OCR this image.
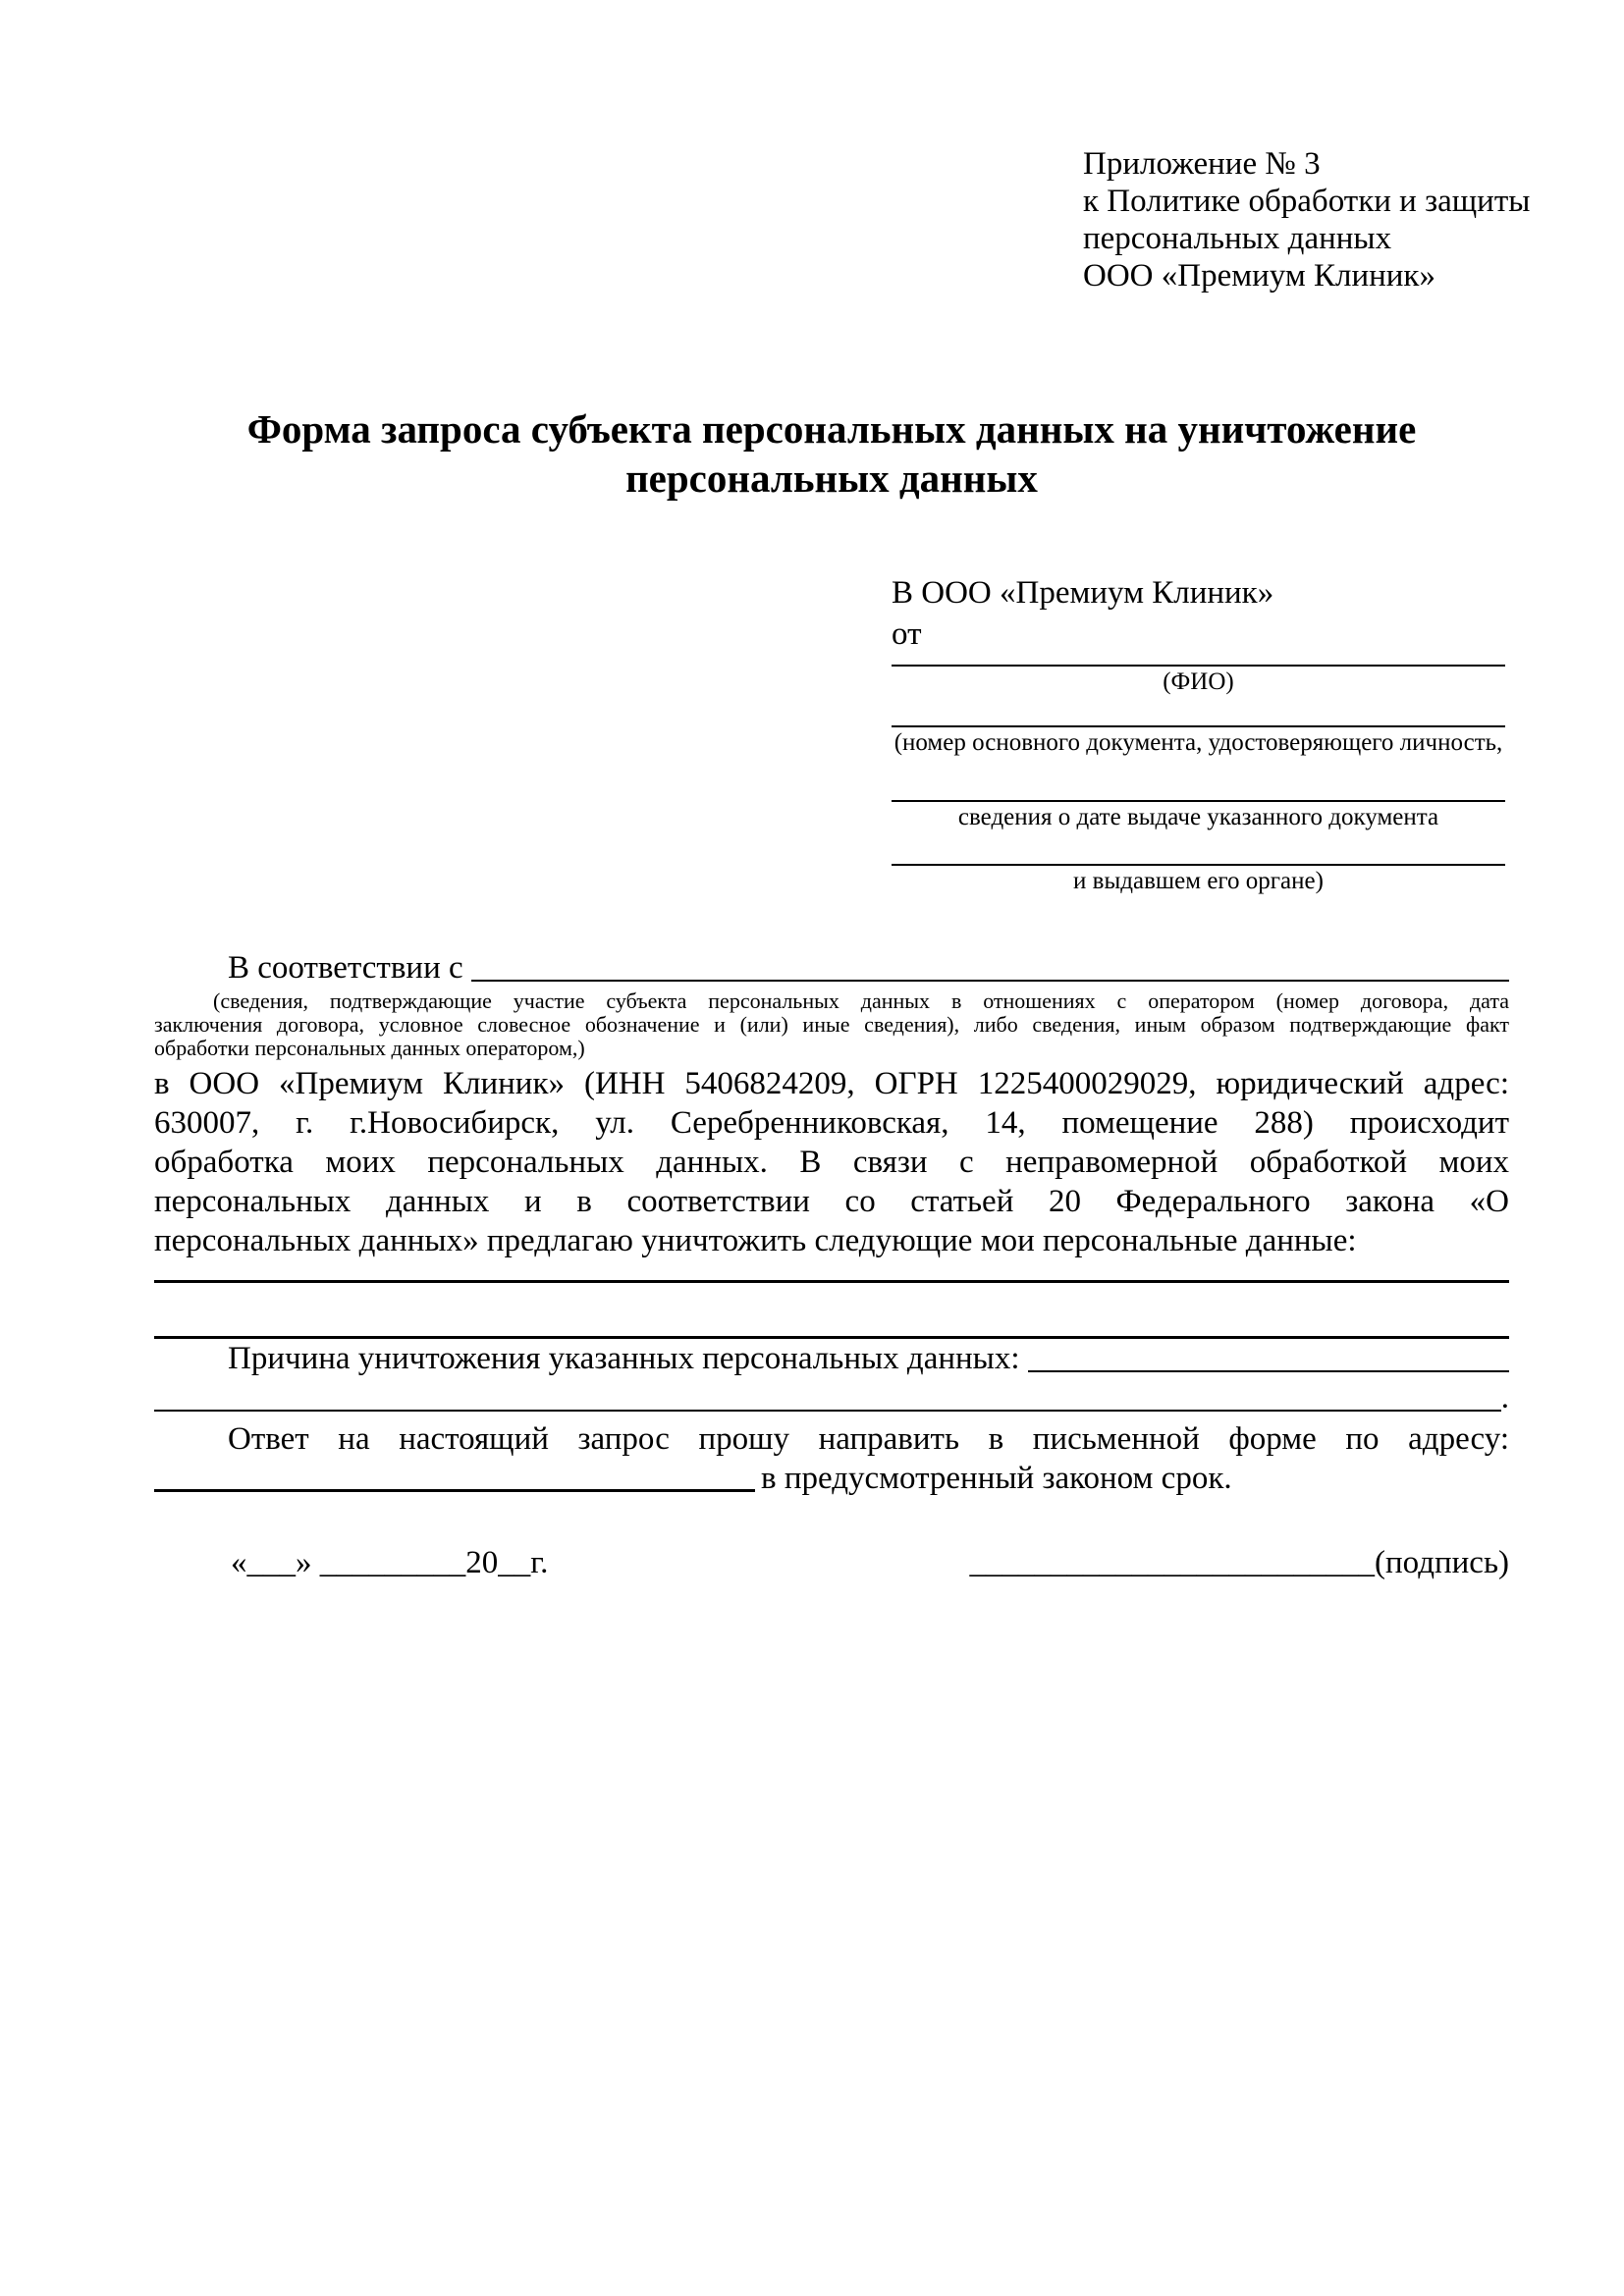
Приложение № 3
к Политике обработки и защиты
персональных данных
ООО «Премиум Клиник»
Форма запроса субъекта персональных данных на уничтожение
персональных данных
В ООО «Премиум Клиник»
от
(ФИО)
(номер основного документа, удостоверяющего личность,
сведения о дате выдаче указанного документа
и выдавшем его органе)
В соответствии с
(сведения, подтверждающие участие субъекта персональных данных в отношениях с оператором (номер договора, дата
заключения договора, условное словесное обозначение и (или) иные сведения), либо сведения, иным образом подтверждающие факт
обработки персональных данных оператором,)
в ООО «Премиум Клиник» (ИНН 5406824209, ОГРН 1225400029029, юридический адрес:
630007, г. г.Новосибирск, ул. Серебренниковская, 14, помещение 288) происходит
обработка моих персональных данных. В связи с неправомерной обработкой моих
персональных данных и в соответствии со статьей 20 Федерального закона «О
персональных данных» предлагаю уничтожить следующие мои персональные данные:
Причина уничтожения указанных персональных данных:
.
Ответ на настоящий запрос прошу направить в письменной форме по адресу:
в предусмотренный законом срок.
«___» _________20__г.	_________________________(подпись)
